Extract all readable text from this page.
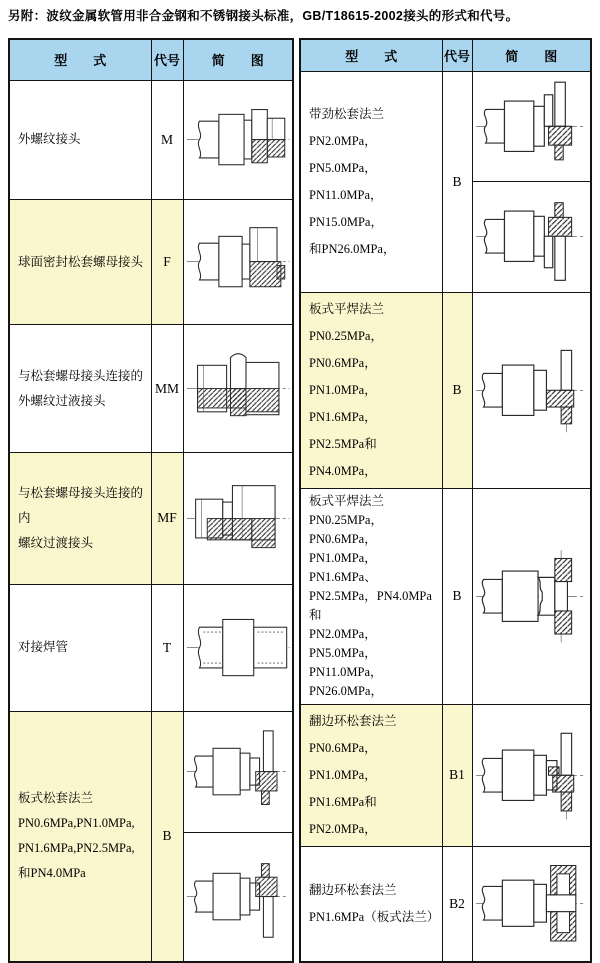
另附：波纹金属软管用非合金钢和不锈钢接头标准，GB/T18615-2002接头的形式和代号。
型　　式	代号	简　　图

外螺纹接头	M	

球面密封松套螺母接头	F	

与松套螺母接头连接的
外螺纹过液接头	MM	

与松套螺母接头连接的内
螺纹过渡接头	MF	

对接焊管	T	

板式松套法兰
PN0.6MPa,PN1.0MPa,
PN1.6MPa,PN2.5MPa,
和PN4.0MPa	B	

型　　式	代号	简　　图

带劲松套法兰
PN2.0MPa，PN5.0MPa，
PN11.0MPa，PN15.0MPa，
和PN26.0MPa，	B	

板式平焊法兰
PN0.25MPa，PN0.6MPa，
PN1.0MPa，PN1.6MPa，
PN2.5MPa和PN4.0MPa，	B	

板式平焊法兰
PN0.25MPa，PN0.6MPa，
PN1.0MPa，PN1.6MPa、
PN2.5MPa，PN4.0MPa和
PN2.0MPa，PN5.0MPa，
PN11.0MPa，PN26.0MPa，
	B	

翻边环松套法兰
PN0.6MPa，PN1.0MPa，
PN1.6MPa和PN2.0MPa，	B1	

翻边环松套法兰
PN1.6MPa（板式法兰）	B2	
